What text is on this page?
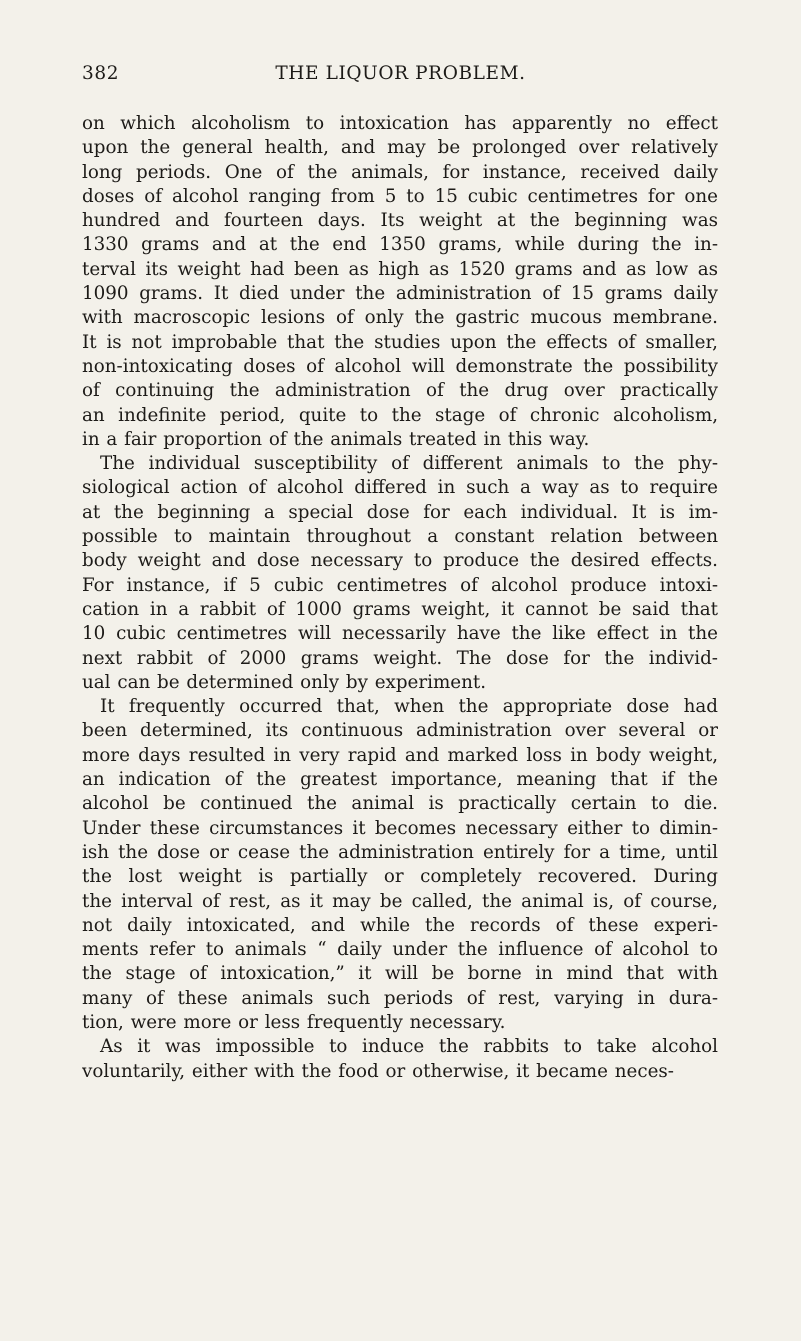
382	THE LIQUOR PROBLEM.
on which alcoholism to intoxication has apparently no effect
upon the general health, and may be prolonged over relatively
long periods. One of the animals, for instance, received daily
doses of alcohol ranging from 5 to 15 cubic centimetres for one
hundred and fourteen days. Its weight at the beginning was
1330 grams and at the end 1350 grams, while during the in-
terval its weight had been as high as 1520 grams and as low as
1090 grams. It died under the administration of 15 grams daily
with macroscopic lesions of only the gastric mucous membrane.
It is not improbable that the studies upon the effects of smaller,
non-intoxicating doses of alcohol will demonstrate the possibility
of continuing the administration of the drug over practically
an indefinite period, quite to the stage of chronic alcoholism,
in a fair proportion of the animals treated in this way.
The individual susceptibility of different animals to the phy-
siological action of alcohol differed in such a way as to require
at the beginning a special dose for each individual. It is im-
possible to maintain throughout a constant relation between
body weight and dose necessary to produce the desired effects.
For instance, if 5 cubic centimetres of alcohol produce intoxi-
cation in a rabbit of 1000 grams weight, it cannot be said that
10 cubic centimetres will necessarily have the like effect in the
next rabbit of 2000 grams weight. The dose for the individ-
ual can be determined only by experiment.
It frequently occurred that, when the appropriate dose had
been determined, its continuous administration over several or
more days resulted in very rapid and marked loss in body weight,
an indication of the greatest importance, meaning that if the
alcohol be continued the animal is practically certain to die.
Under these circumstances it becomes necessary either to dimin-
ish the dose or cease the administration entirely for a time, until
the lost weight is partially or completely recovered. During
the interval of rest, as it may be called, the animal is, of course,
not daily intoxicated, and while the records of these experi-
ments refer to animals “ daily under the influence of alcohol to
the stage of intoxication,” it will be borne in mind that with
many of these animals such periods of rest, varying in dura-
tion, were more or less frequently necessary.
As it was impossible to induce the rabbits to take alcohol
voluntarily, either with the food or otherwise, it became neces-
